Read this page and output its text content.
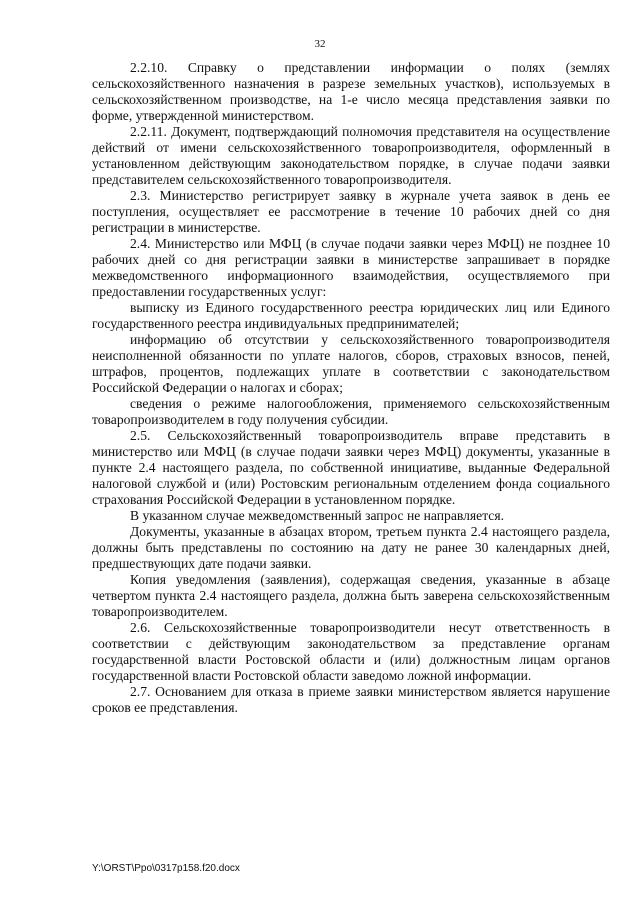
32

2.2.10. Справку о представлении информации о полях (землях сельскохозяйственного назначения в разрезе земельных участков), используемых в сельскохозяйственном производстве, на 1-е число месяца представления заявки по форме, утвержденной министерством.

2.2.11. Документ, подтверждающий полномочия представителя на осуществление действий от имени сельскохозяйственного товаропроизводителя, оформленный в установленном действующим законодательством порядке, в случае подачи заявки представителем сельскохозяйственного товаропроизводителя.

2.3. Министерство регистрирует заявку в журнале учета заявок в день ее поступления, осуществляет ее рассмотрение в течение 10 рабочих дней со дня регистрации в министерстве.

2.4. Министерство или МФЦ (в случае подачи заявки через МФЦ) не позднее 10 рабочих дней со дня регистрации заявки в министерстве запрашивает в порядке межведомственного информационного взаимодействия, осуществляемого при предоставлении государственных услуг:

выписку из Единого государственного реестра юридических лиц или Единого государственного реестра индивидуальных предпринимателей;

информацию об отсутствии у сельскохозяйственного товаропроизводителя неисполненной обязанности по уплате налогов, сборов, страховых взносов, пеней, штрафов, процентов, подлежащих уплате в соответствии с законодательством Российской Федерации о налогах и сборах;

сведения о режиме налогообложения, применяемого сельскохозяйственным товаропроизводителем в году получения субсидии.

2.5. Сельскохозяйственный товаропроизводитель вправе представить в министерство или МФЦ (в случае подачи заявки через МФЦ) документы, указанные в пункте 2.4 настоящего раздела, по собственной инициативе, выданные Федеральной налоговой службой и (или) Ростовским региональным отделением фонда социального страхования Российской Федерации в установленном порядке.

В указанном случае межведомственный запрос не направляется.

Документы, указанные в абзацах втором, третьем пункта 2.4 настоящего раздела, должны быть представлены по состоянию на дату не ранее 30 календарных дней, предшествующих дате подачи заявки.

Копия уведомления (заявления), содержащая сведения, указанные в абзаце четвертом пункта 2.4 настоящего раздела, должна быть заверена сельскохозяйственным товаропроизводителем.

2.6. Сельскохозяйственные товаропроизводители несут ответственность в соответствии с действующим законодательством за представление органам государственной власти Ростовской области и (или) должностным лицам органов государственной власти Ростовской области заведомо ложной информации.

2.7. Основанием для отказа в приеме заявки министерством является нарушение сроков ее представления.

Y:\ORST\Ppo\0317p158.f20.docx
